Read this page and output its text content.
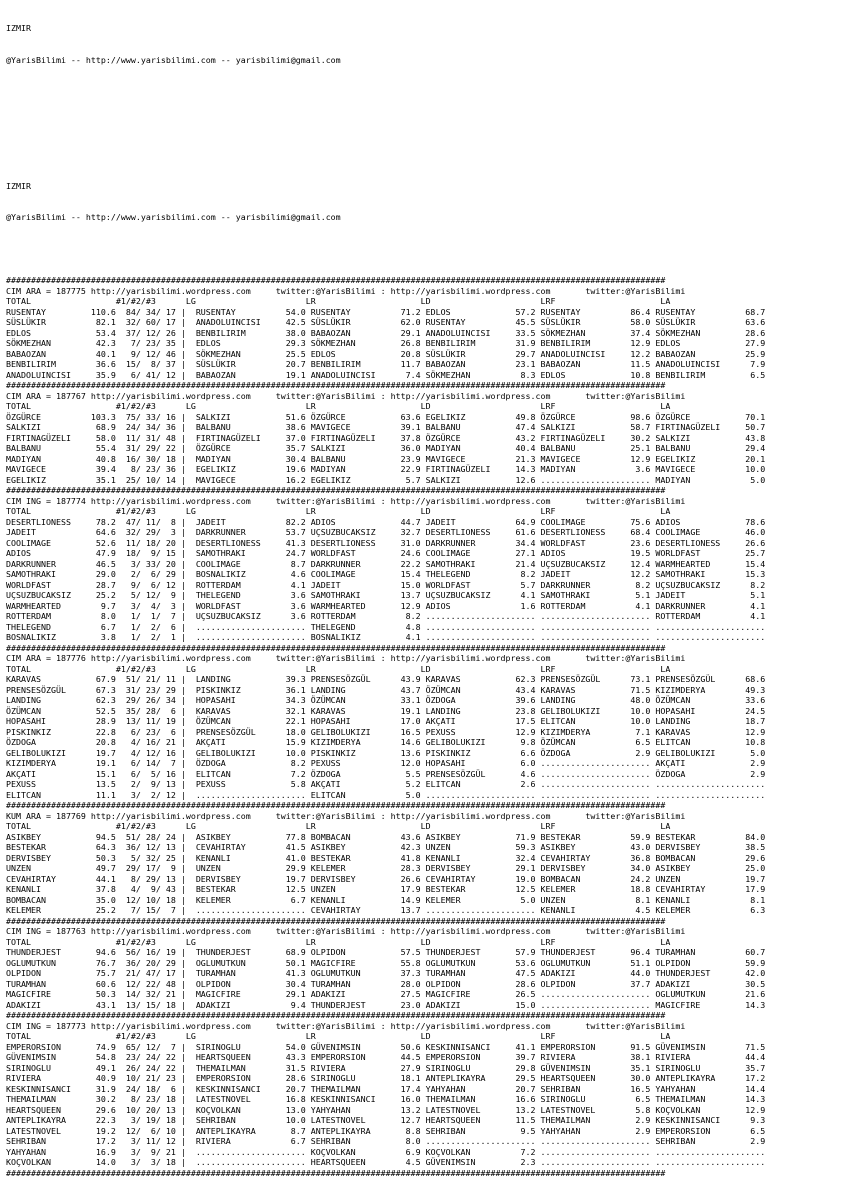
IZMIR

@YarisBilimi -- http://www.yarisbilimi.com -- yarisbilimi@gmail.com

IZMIR

@YarisBilimi -- http://www.yarisbilimi.com -- yarisbilimi@gmail.com

####################################################################################################################################
CIM ARA = 187775 http://yarisbilimi.wordpress.com     twitter:@YarisBilimi : http://yarisbilimi.wordpress.com       twitter:@YarisBilimi
TOTAL                 #1/#2/#3      LG                      LR                     LD                      LRF                     LA
RUSENTAY         110.6  84/ 34/ 17 |  RUSENTAY          54.0 RUSENTAY          71.2 EDLOS             57.2 RUSENTAY          86.4 RUSENTAY          68.7
SÜSLÜKIR          82.1  32/ 60/ 17 |  ANADOLUINCISI     42.5 SÜSLÜKIR          62.0 RUSENTAY          45.5 SÜSLÜKIR          58.0 SÜSLÜKIR          63.6
EDLOS             53.4  37/ 12/ 26 |  BENBILIRIM        38.0 BABAOZAN          29.1 ANADOLUINCISI     33.5 SÖKMEZHAN         37.4 SÖKMEZHAN         28.6
SÖKMEZHAN         42.3   7/ 23/ 35 |  EDLOS             29.3 SÖKMEZHAN         26.8 BENBILIRIM        31.9 BENBILIRIM        12.9 EDLOS             27.9
BABAOZAN          40.1   9/ 12/ 46 |  SÖKMEZHAN         25.5 EDLOS             20.8 SÜSLÜKIR          29.7 ANADOLUINCISI     12.2 BABAOZAN          25.9
BENBILIRIM        36.6  15/  8/ 37 |  SÜSLÜKIR          20.7 BENBILIRIM        11.7 BABAOZAN          23.1 BABAOZAN          11.5 ANADOLUINCISI      7.9
ANADOLUINCISI     35.9   6/ 41/ 12 |  BABAOZAN          19.1 ANADOLUINCISI      7.4 SÖKMEZHAN          8.3 EDLOS             10.8 BENBILIRIM         6.5
####################################################################################################################################
CIM ARA = 187767 http://yarisbilimi.wordpress.com     twitter:@YarisBilimi : http://yarisbilimi.wordpress.com       twitter:@YarisBilimi
TOTAL                 #1/#2/#3      LG                      LR                     LD                      LRF                     LA
ÖZGÜRCE          103.3  75/ 33/ 16 |  SALKIZI           51.6 ÖZGÜRCE           63.6 EGELIKIZ          49.8 ÖZGÜRCE           98.6 ÖZGÜRCE           70.1
SALKIZI           68.9  24/ 34/ 36 |  BALBANU           38.6 MAVIGECE          39.1 BALBANU           47.4 SALKIZI           58.7 FIRTINAGÜZELI     50.7
FIRTINAGÜZELI     58.0  11/ 31/ 48 |  FIRTINAGÜZELI     37.0 FIRTINAGÜZELI     37.8 ÖZGÜRCE           43.2 FIRTINAGÜZELI     30.2 SALKIZI           43.8
BALBANU           55.4  31/ 29/ 22 |  ÖZGÜRCE           35.7 SALKIZI           36.0 MADIYAN           40.4 BALBANU           25.1 BALBANU           29.4
MADIYAN           40.8  16/ 30/ 18 |  MADIYAN           30.4 BALBANU           23.9 MAVIGECE          21.3 MAVIGECE          12.9 EGELIKIZ          20.1
MAVIGECE          39.4   8/ 23/ 36 |  EGELIKIZ          19.6 MADIYAN           22.9 FIRTINAGÜZELI     14.3 MADIYAN            3.6 MAVIGECE          10.0
EGELIKIZ          35.1  25/ 10/ 14 |  MAVIGECE          16.2 EGELIKIZ           5.7 SALKIZI           12.6 ...................... MADIYAN            5.0
####################################################################################################################################
CIM ING = 187774 http://yarisbilimi.wordpress.com     twitter:@YarisBilimi : http://yarisbilimi.wordpress.com       twitter:@YarisBilimi
TOTAL                 #1/#2/#3      LG                      LR                     LD                      LRF                     LA
DESERTLIONESS     78.2  47/ 11/  8 |  JADEIT            82.2 ADIOS             44.7 JADEIT            64.9 COOLIMAGE         75.6 ADIOS             78.6
JADEIT            64.6  32/ 29/  3 |  DARKRUNNER        53.7 UÇSUZBUCAKSIZ     32.7 DESERTLIONESS     61.6 DESERTLIONESS     68.4 COOLIMAGE         46.0
COOLIMAGE         52.6  11/ 18/ 20 |  DESERTLIONESS     41.3 DESERTLIONESS     31.0 DARKRUNNER        34.4 WORLDFAST         23.6 DESERTLIONESS     26.6
ADIOS             47.9  18/  9/ 15 |  SAMOTHRAKI        24.7 WORLDFAST         24.6 COOLIMAGE         27.1 ADIOS             19.5 WORLDFAST         25.7
DARKRUNNER        46.5   3/ 33/ 20 |  COOLIMAGE          8.7 DARKRUNNER        22.2 SAMOTHRAKI        21.4 UÇSUZBUCAKSIZ     12.4 WARMHEARTED       15.4
SAMOTHRAKI        29.0   2/  6/ 29 |  BOSNALIKIZ         4.6 COOLIMAGE         15.4 THELEGEND          8.2 JADEIT            12.2 SAMOTHRAKI        15.3
WORLDFAST         28.7   9/  6/ 12 |  ROTTERDAM          4.1 JADEIT            15.0 WORLDFAST          5.7 DARKRUNNER         8.2 UÇSUZBUCAKSIZ      8.2
UÇSUZBUCAKSIZ     25.2   5/ 12/  9 |  THELEGEND          3.6 SAMOTHRAKI        13.7 UÇSUZBUCAKSIZ      4.1 SAMOTHRAKI         5.1 JADEIT             5.1
WARMHEARTED        9.7   3/  4/  3 |  WORLDFAST          3.6 WARMHEARTED       12.9 ADIOS              1.6 ROTTERDAM          4.1 DARKRUNNER         4.1
ROTTERDAM          8.0   1/  1/  7 |  UÇSUZBUCAKSIZ      3.6 ROTTERDAM          8.2 ...................... ...................... ROTTERDAM          4.1
THELEGEND          6.7   1/  2/  6 |  ...................... THELEGEND          4.8 ...................... ...................... ......................
BOSNALIKIZ         3.8   1/  2/  1 |  ...................... BOSNALIKIZ         4.1 ...................... ...................... ......................
####################################################################################################################################
CIM ARA = 187776 http://yarisbilimi.wordpress.com     twitter:@YarisBilimi : http://yarisbilimi.wordpress.com       twitter:@YarisBilimi
TOTAL                 #1/#2/#3      LG                      LR                     LD                      LRF                     LA
KARAVAS           67.9  51/ 21/ 11 |  LANDING           39.3 PRENSESÖZGÜL      43.9 KARAVAS           62.3 PRENSESÖZGÜL      73.1 PRENSESÖZGÜL      68.6
PRENSESÖZGÜL      67.3  31/ 23/ 29 |  PISKINKIZ         36.1 LANDING           43.7 ÖZÜMCAN           43.4 KARAVAS           71.5 KIZIMDERYA        49.3
LANDING           62.3  29/ 26/ 34 |  HOPASAHI          34.3 ÖZÜMCAN           33.1 ÖZDOGA            39.6 LANDING           48.0 ÖZÜMCAN           33.6
ÖZÜMCAN           52.5  35/ 28/  6 |  KARAVAS           32.1 KARAVAS           19.1 LANDING           23.8 GELIBOLUKIZI      10.0 HOPASAHI          24.5
HOPASAHI          28.9  13/ 11/ 19 |  ÖZÜMCAN           22.1 HOPASAHI          17.0 AKÇATI            17.5 ELITCAN           10.0 LANDING           18.7
PISKINKIZ         22.8   6/ 23/  6 |  PRENSESÖZGÜL      18.0 GELIBOLUKIZI      16.5 PEXUSS            12.9 KIZIMDERYA         7.1 KARAVAS           12.9
ÖZDOGA            20.8   4/ 16/ 21 |  AKÇATI            15.9 KIZIMDERYA        14.6 GELIBOLUKIZI       9.8 ÖZÜMCAN            6.5 ELITCAN           10.8
GELIBOLUKIZI      19.7   4/ 12/ 16 |  GELIBOLUKIZI      10.0 PISKINKIZ         13.6 PISKINKIZ          6.6 ÖZDOGA             2.9 GELIBOLUKIZI       5.0
KIZIMDERYA        19.1   6/ 14/  7 |  ÖZDOGA             8.2 PEXUSS            12.0 HOPASAHI           6.0 ...................... AKÇATI             2.9
AKÇATI            15.1   6/  5/ 16 |  ELITCAN            7.2 ÖZDOGA             5.5 PRENSESÖZGÜL       4.6 ...................... ÖZDOGA             2.9
PEXUSS            13.5   2/  9/ 13 |  PEXUSS             5.8 AKÇATI             5.2 ELITCAN            2.6 ...................... ......................
ELITCAN           11.1   3/  2/ 12 |  ...................... ELITCAN            5.0 ...................... ...................... ......................
####################################################################################################################################
KUM ARA = 187769 http://yarisbilimi.wordpress.com     twitter:@YarisBilimi : http://yarisbilimi.wordpress.com       twitter:@YarisBilimi
TOTAL                 #1/#2/#3      LG                      LR                     LD                      LRF                     LA
ASIKBEY           94.5  51/ 28/ 24 |  ASIKBEY           77.8 BOMBACAN          43.6 ASIKBEY           71.9 BESTEKAR          59.9 BESTEKAR          84.0
BESTEKAR          64.3  36/ 12/ 13 |  CEVAHIRTAY        41.5 ASIKBEY           42.3 UNZEN             59.3 ASIKBEY           43.0 DERVISBEY         38.5
DERVISBEY         50.3   5/ 32/ 25 |  KENANLI           41.0 BESTEKAR          41.8 KENANLI           32.4 CEVAHIRTAY        36.8 BOMBACAN          29.6
UNZEN             49.7  29/ 17/  9 |  UNZEN             29.9 KELEMER           28.3 DERVISBEY         29.1 DERVISBEY         34.0 ASIKBEY           25.0
CEVAHIRTAY        44.1   8/ 29/ 13 |  DERVISBEY         19.7 DERVISBEY         26.6 CEVAHIRTAY        19.0 BOMBACAN          24.2 UNZEN             19.7
KENANLI           37.8   4/  9/ 43 |  BESTEKAR          12.5 UNZEN             17.9 BESTEKAR          12.5 KELEMER           18.8 CEVAHIRTAY        17.9
BOMBACAN          35.0  12/ 10/ 18 |  KELEMER            6.7 KENANLI           14.9 KELEMER            5.0 UNZEN              8.1 KENANLI            8.1
KELEMER           25.2   7/ 15/  7 |  ...................... CEVAHIRTAY        13.7 ...................... KENANLI            4.5 KELEMER            6.3
####################################################################################################################################
CIM ING = 187763 http://yarisbilimi.wordpress.com     twitter:@YarisBilimi : http://yarisbilimi.wordpress.com       twitter:@YarisBilimi
TOTAL                 #1/#2/#3      LG                      LR                     LD                      LRF                     LA
THUNDERJEST       94.6  56/ 16/ 19 |  THUNDERJEST       68.9 OLPIDON           57.5 THUNDERJEST       57.9 THUNDERJEST       96.4 TURAMHAN          60.7
OGLUMUTKUN        76.7  36/ 20/ 29 |  OGLUMUTKUN        50.1 MAGICFIRE         55.8 OGLUMUTKUN        53.6 OGLUMUTKUN        51.1 OLPIDON           59.9
OLPIDON           75.7  21/ 47/ 17 |  TURAMHAN          41.3 OGLUMUTKUN        37.3 TURAMHAN          47.5 ADAKIZI           44.0 THUNDERJEST       42.0
TURAMHAN          60.6  12/ 22/ 48 |  OLPIDON           30.4 TURAMHAN          28.0 OLPIDON           28.6 OLPIDON           37.7 ADAKIZI           30.5
MAGICFIRE         50.3  14/ 32/ 21 |  MAGICFIRE         29.1 ADAKIZI           27.5 MAGICFIRE         26.5 ...................... OGLUMUTKUN        21.6
ADAKIZI           43.1  13/ 15/ 18 |  ADAKIZI            9.4 THUNDERJEST       23.0 ADAKIZI           15.0 ...................... MAGICFIRE         14.3
####################################################################################################################################
CIM ING = 187773 http://yarisbilimi.wordpress.com     twitter:@YarisBilimi : http://yarisbilimi.wordpress.com       twitter:@YarisBilimi
TOTAL                 #1/#2/#3      LG                      LR                     LD                      LRF                     LA
EMPERORSION       74.9  65/ 12/  7 |  SIRINOGLU         54.0 GÜVENIMSIN        50.6 KESKINNISANCI     41.1 EMPERORSION       91.5 GÜVENIMSIN        71.5
GÜVENIMSIN        54.8  23/ 24/ 22 |  HEARTSQUEEN       43.3 EMPERORSION       44.5 EMPERORSION       39.7 RIVIERA           38.1 RIVIERA           44.4
SIRINOGLU         49.1  26/ 24/ 22 |  THEMAILMAN        31.5 RIVIERA           27.9 SIRINOGLU         29.8 GÜVENIMSIN        35.1 SIRINOGLU         35.7
RIVIERA           40.9  10/ 21/ 23 |  EMPERORSION       28.6 SIRINOGLU         18.1 ANTEPLIKAYRA      29.5 HEARTSQUEEN       30.0 ANTEPLIKAYRA      17.2
KESKINNISANCI     31.9  24/ 18/  6 |  KESKINNISANCI     20.7 THEMAILMAN        17.4 YAHYAHAN          20.7 SEHRIBAN          16.5 YAHYAHAN          14.4
THEMAILMAN        30.2   8/ 23/ 18 |  LATESTNOVEL       16.8 KESKINNISANCI     16.0 THEMAILMAN        16.6 SIRINOGLU          6.5 THEMAILMAN        14.3
HEARTSQUEEN       29.6  10/ 20/ 13 |  KOÇVOLKAN         13.0 YAHYAHAN          13.2 LATESTNOVEL       13.2 LATESTNOVEL        5.8 KOÇVOLKAN         12.9
ANTEPLIKAYRA      22.3   3/ 19/ 18 |  SEHRIBAN          10.0 LATESTNOVEL       12.7 HEARTSQUEEN       11.5 THEMAILMAN         2.9 KESKINNISANCI      9.3
LATESTNOVEL       19.2  12/  6/ 10 |  ANTEPLIKAYRA       8.7 ANTEPLIKAYRA       8.8 SEHRIBAN           9.5 YAHYAHAN           2.9 EMPERORSION        6.5
SEHRIBAN          17.2   3/ 11/ 12 |  RIVIERA            6.7 SEHRIBAN           8.0 ...................... ...................... SEHRIBAN           2.9
YAHYAHAN          16.9   3/  9/ 21 |  ...................... KOÇVOLKAN          6.9 KOÇVOLKAN          7.2 ...................... ......................
KOÇVOLKAN         14.0   3/  3/ 18 |  ...................... HEARTSQUEEN        4.5 GÜVENIMSIN         2.3 ...................... ......................
####################################################################################################################################
